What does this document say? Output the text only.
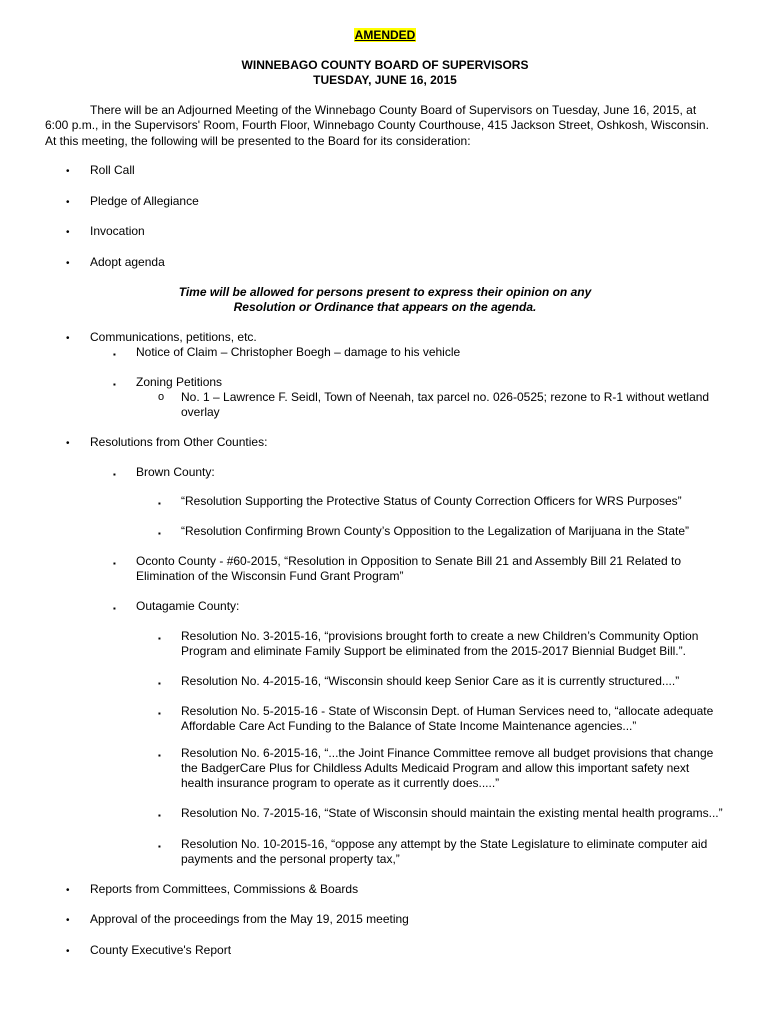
AMENDED
WINNEBAGO COUNTY BOARD OF SUPERVISORS
TUESDAY, JUNE 16, 2015
There will be an Adjourned Meeting of the Winnebago County Board of Supervisors on Tuesday, June 16, 2015, at
6:00 p.m., in the Supervisors' Room, Fourth Floor, Winnebago County Courthouse, 415 Jackson Street, Oshkosh, Wisconsin.
At this meeting, the following will be presented to the Board for its consideration:
• Roll Call
• Pledge of Allegiance
• Invocation
• Adopt agenda
Time will be allowed for persons present to express their opinion on any
Resolution or Ordinance that appears on the agenda.
• Communications, petitions, etc.
▪ Notice of Claim – Christopher Boegh – damage to his vehicle
▪ Zoning Petitions
o No. 1 – Lawrence F. Seidl, Town of Neenah, tax parcel no. 026-0525; rezone to R-1 without wetland
overlay
• Resolutions from Other Counties:
▪ Brown County:
▪ “Resolution Supporting the Protective Status of County Correction Officers for WRS Purposes”
▪ “Resolution Confirming Brown County’s Opposition to the Legalization of Marijuana in the State”
▪ Oconto County - #60-2015, “Resolution in Opposition to Senate Bill 21 and Assembly Bill 21 Related to
Elimination of the Wisconsin Fund Grant Program”
▪ Outagamie County:
▪ Resolution No. 3-2015-16, “provisions brought forth to create a new Children’s Community Option
Program and eliminate Family Support be eliminated from the 2015-2017 Biennial Budget Bill.”.
▪ Resolution No. 4-2015-16, “Wisconsin should keep Senior Care as it is currently structured....”
▪ Resolution No. 5-2015-16 - State of Wisconsin Dept. of Human Services need to, “allocate adequate
Affordable Care Act Funding to the Balance of State Income Maintenance agencies...”
▪ Resolution No. 6-2015-16, “...the Joint Finance Committee remove all budget provisions that change
the BadgerCare Plus for Childless Adults Medicaid Program and allow this important safety next
health insurance program to operate as it currently does.....”
▪ Resolution No. 7-2015-16, “State of Wisconsin should maintain the existing mental health programs...”
▪ Resolution No. 10-2015-16, “oppose any attempt by the State Legislature to eliminate computer aid
payments and the personal property tax,”
• Reports from Committees, Commissions & Boards
• Approval of the proceedings from the May 19, 2015 meeting
• County Executive's Report
